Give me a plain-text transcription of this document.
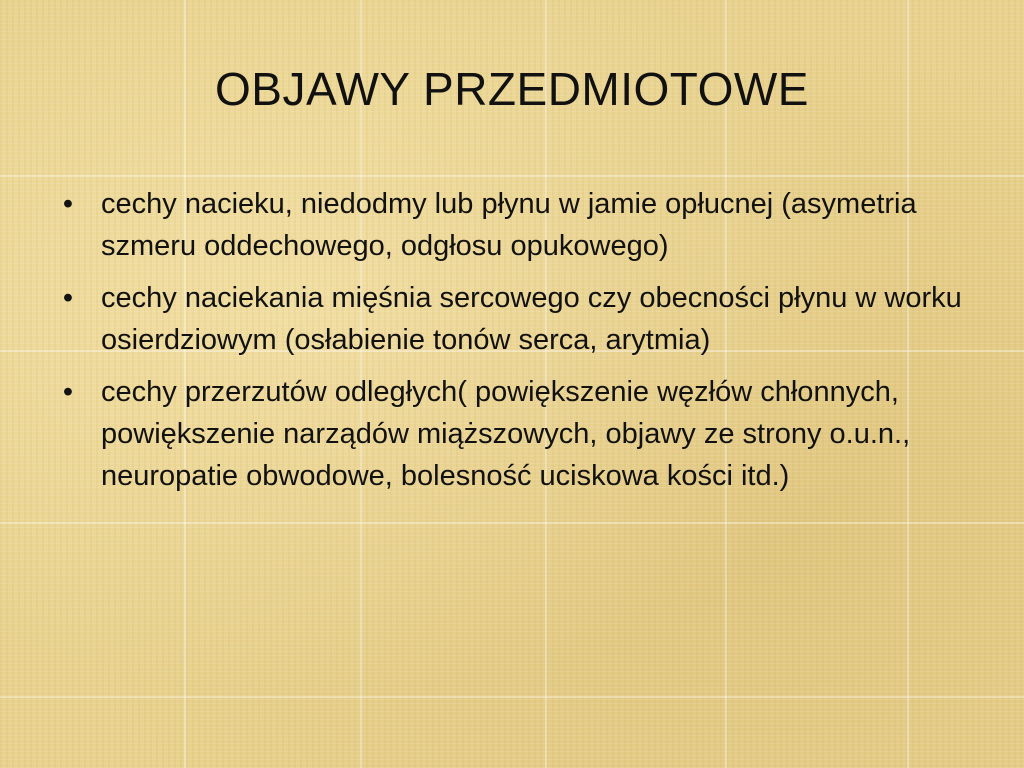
OBJAWY PRZEDMIOTOWE
• cechy nacieku, niedodmy lub płynu w jamie opłucnej (asymetria szmeru oddechowego, odgłosu opukowego)
• cechy naciekania mięśnia sercowego czy obecności płynu w worku osierdziowym (osłabienie tonów serca, arytmia)
• cechy przerzutów odległych( powiększenie węzłów chłonnych, powiększenie narządów miąższowych, objawy ze strony o.u.n., neuropatie obwodowe, bolesność uciskowa kości itd.)
